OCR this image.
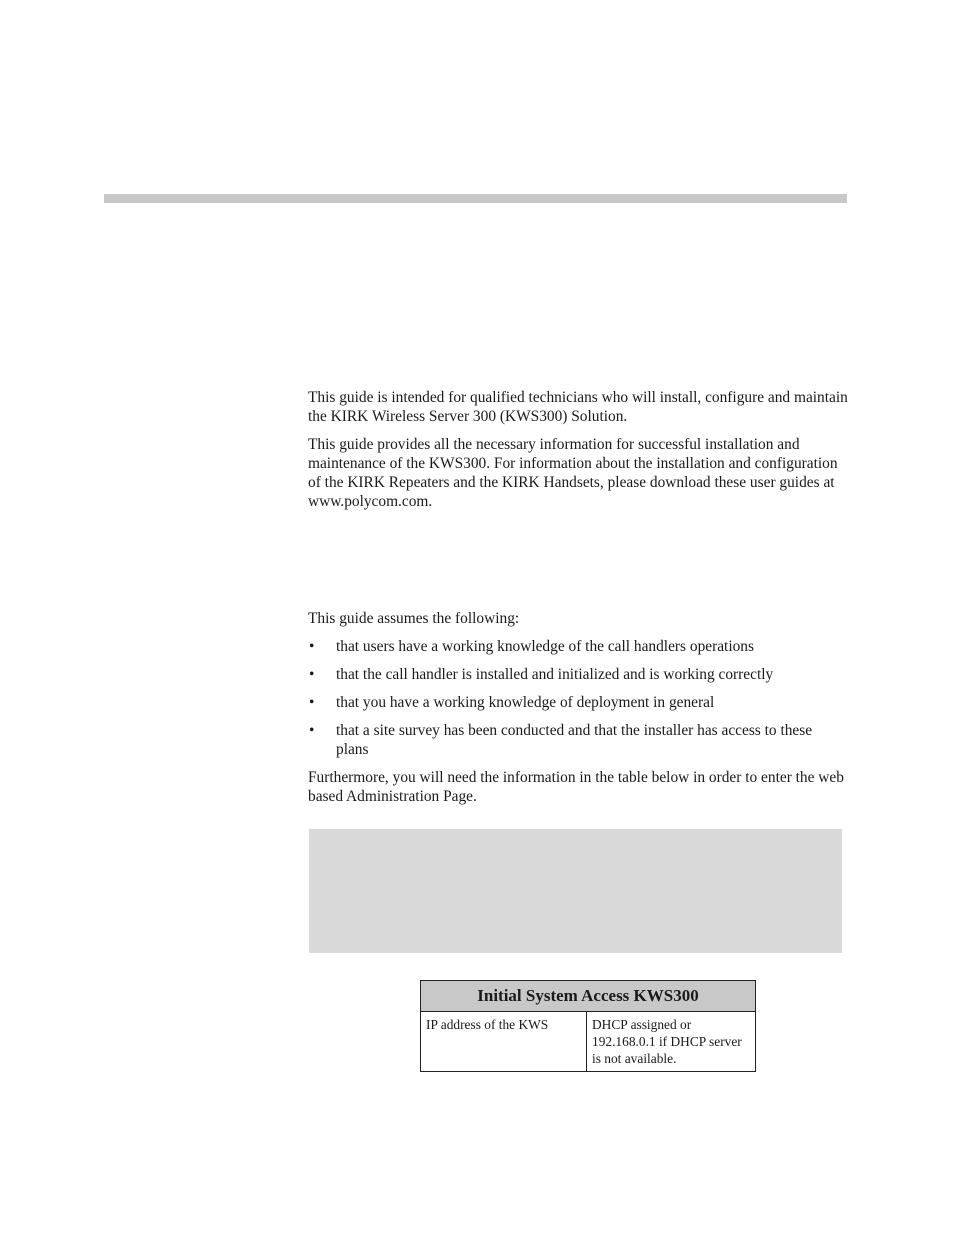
This guide is intended for qualified technicians who will install, configure and maintain the KIRK Wireless Server 300 (KWS300) Solution.

This guide provides all the necessary information for successful installation and maintenance of the KWS300. For information about the installation and configuration of the KIRK Repeaters and the KIRK Handsets, please download these user guides at www.polycom.com.

This guide assumes the following:

• that users have a working knowledge of the call handlers operations
• that the call handler is installed and initialized and is working correctly
• that you have a working knowledge of deployment in general
• that a site survey has been conducted and that the installer has access to these plans

Furthermore, you will need the information in the table below in order to enter the web based Administration Page.

Initial System Access KWS300
IP address of the KWS	DHCP assigned or 192.168.0.1 if DHCP server is not available.
